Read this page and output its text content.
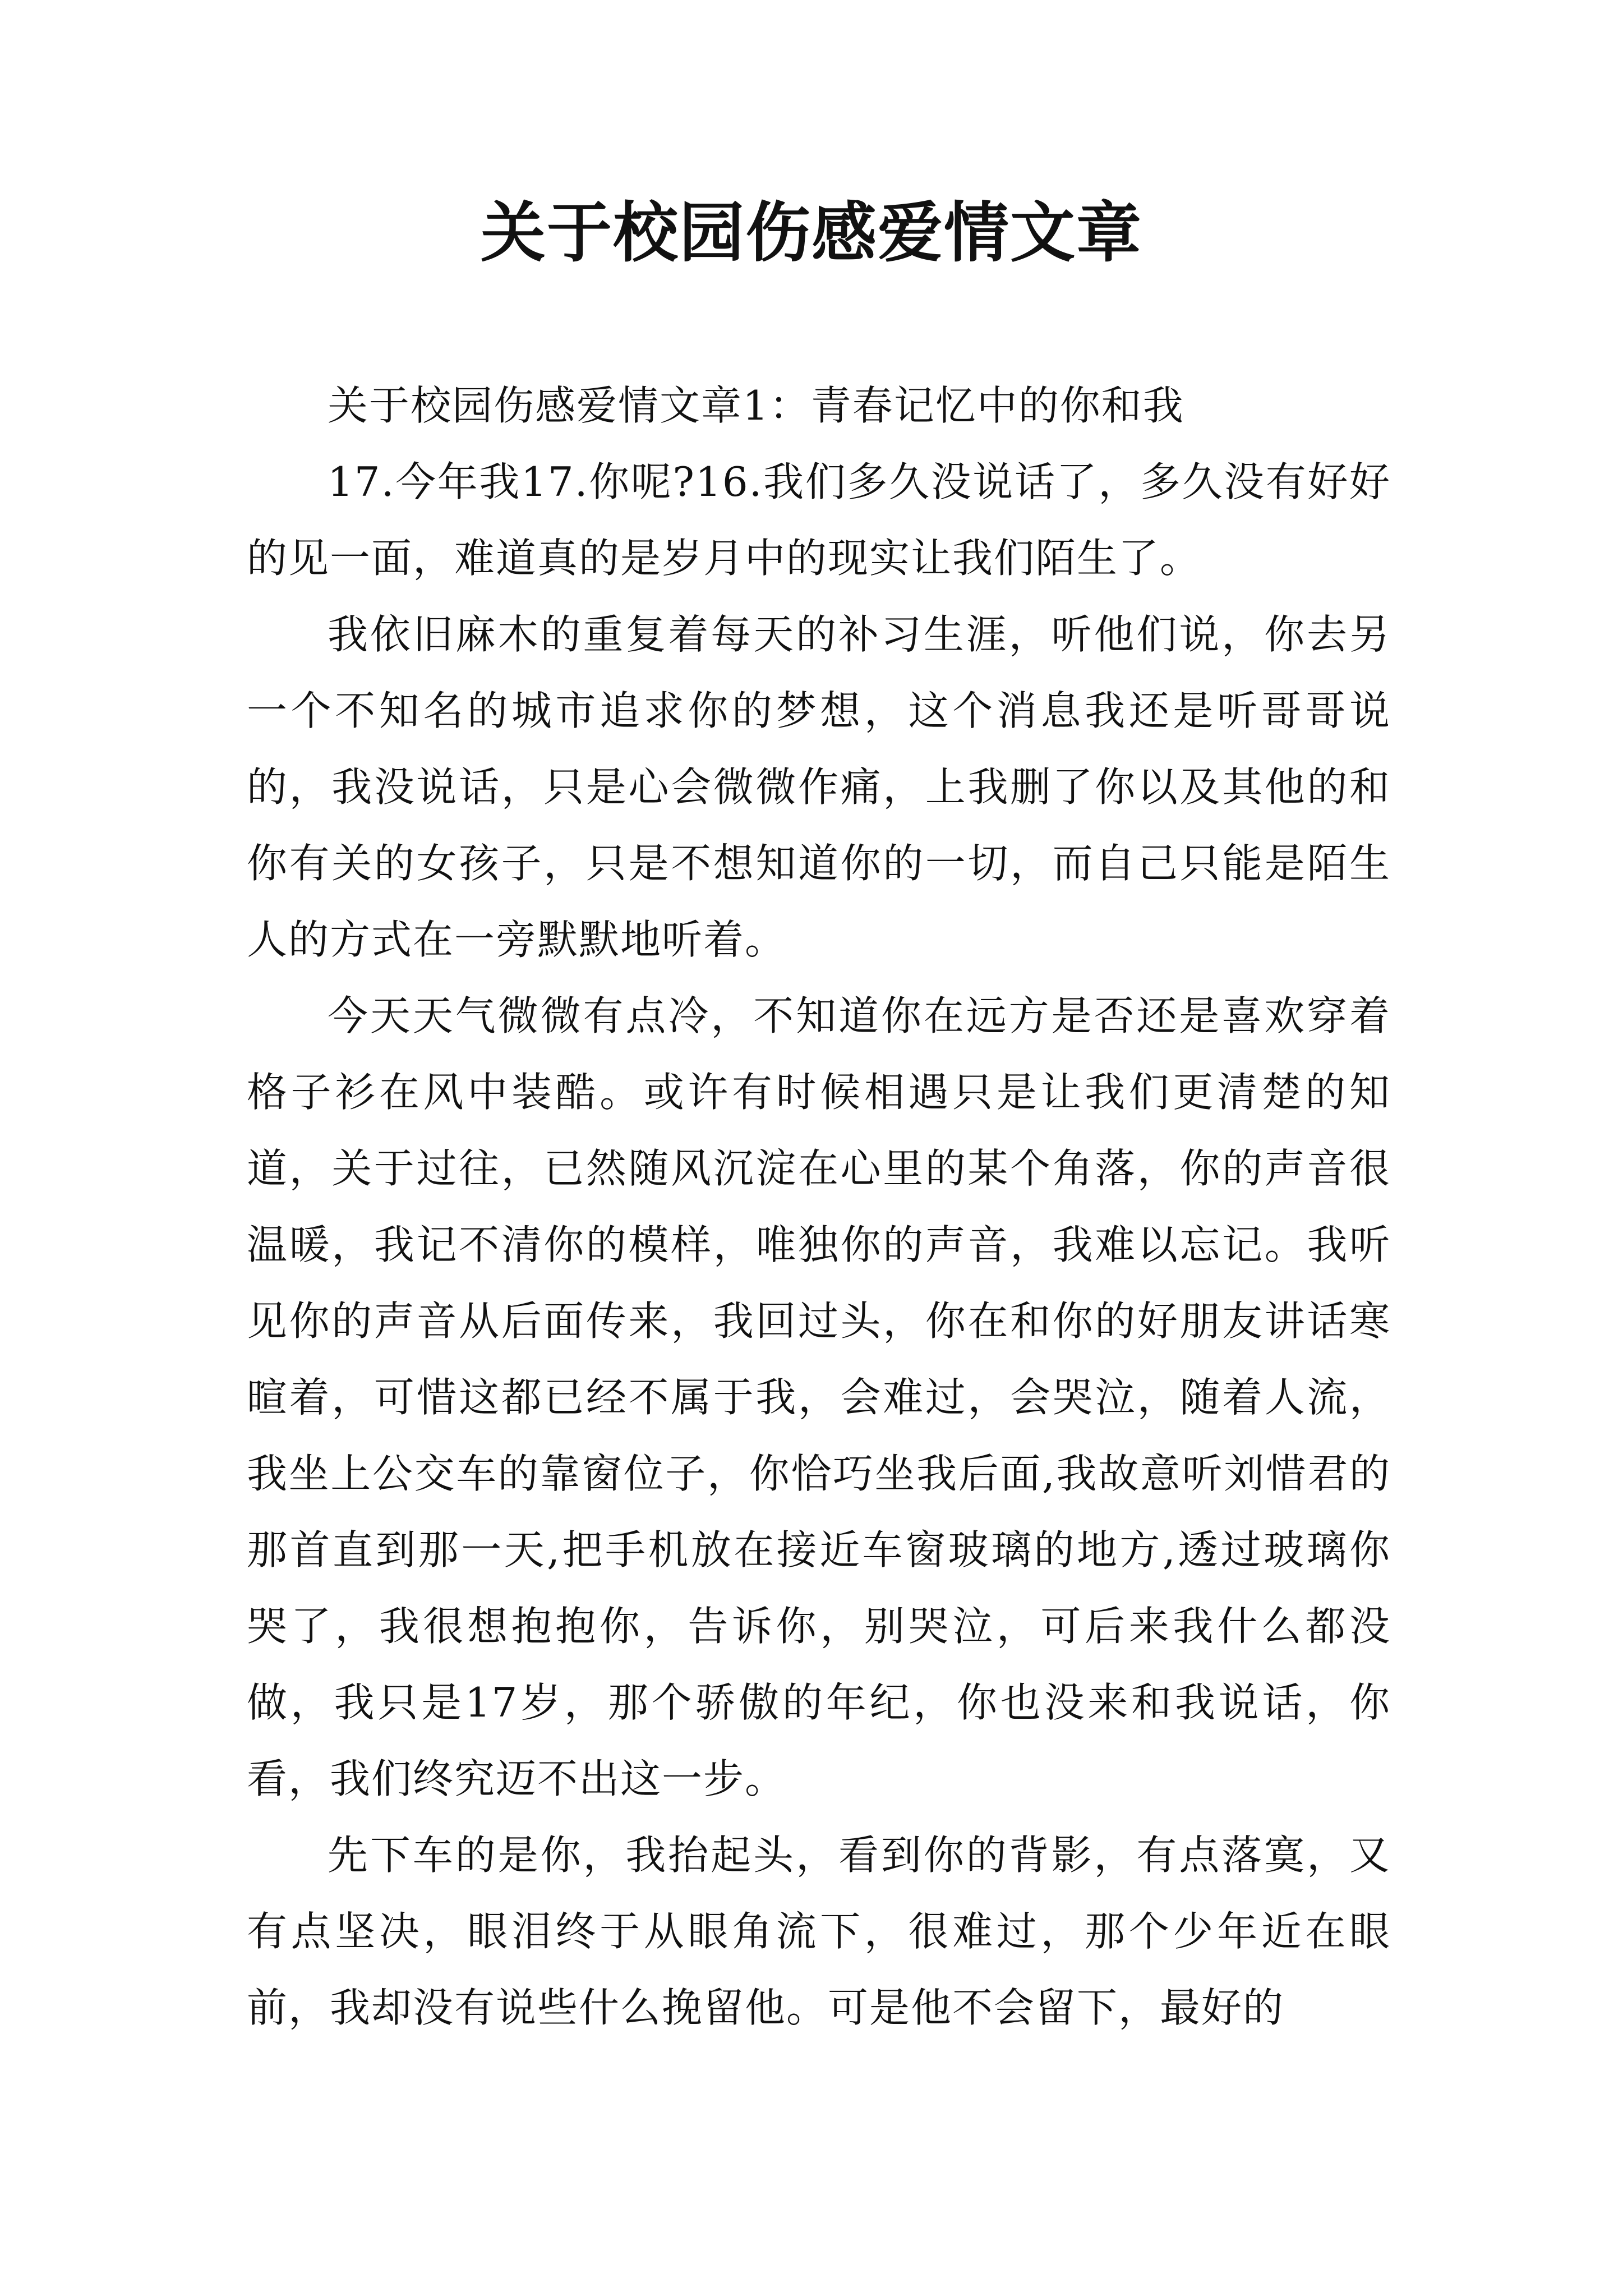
关于校园伤感爱情文章

关于校园伤感爱情文章1：青春记忆中的你和我

17.今年我17.你呢?16.我们多久没说话了，多久没有好好的见一面，难道真的是岁月中的现实让我们陌生了。

我依旧麻木的重复着每天的补习生涯，听他们说，你去另一个不知名的城市追求你的梦想，这个消息我还是听哥哥说的，我没说话，只是心会微微作痛，上我删了你以及其他的和你有关的女孩子，只是不想知道你的一切，而自己只能是陌生人的方式在一旁默默地听着。

今天天气微微有点冷，不知道你在远方是否还是喜欢穿着格子衫在风中装酷。或许有时候相遇只是让我们更清楚的知道，关于过往，已然随风沉淀在心里的某个角落，你的声音很温暖，我记不清你的模样，唯独你的声音，我难以忘记。我听见你的声音从后面传来，我回过头，你在和你的好朋友讲话寒暄着，可惜这都已经不属于我，会难过，会哭泣，随着人流，我坐上公交车的靠窗位子，你恰巧坐我后面,我故意听刘惜君的那首直到那一天,把手机放在接近车窗玻璃的地方,透过玻璃你哭了，我很想抱抱你，告诉你，别哭泣，可后来我什么都没做，我只是17岁，那个骄傲的年纪，你也没来和我说话，你看，我们终究迈不出这一步。

先下车的是你，我抬起头，看到你的背影，有点落寞，又有点坚决，眼泪终于从眼角流下，很难过，那个少年近在眼前，我却没有说些什么挽留他。可是他不会留下，最好的
